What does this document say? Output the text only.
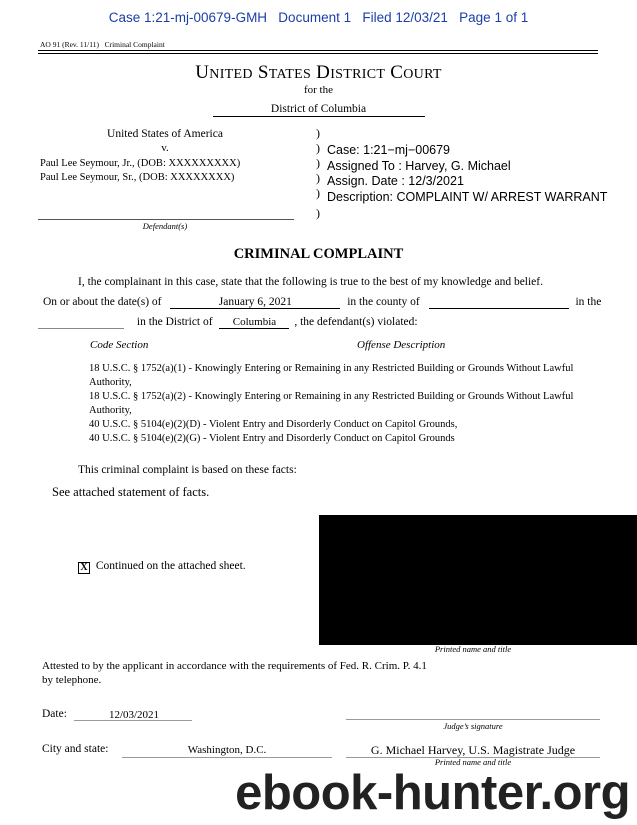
Case 1:21-mj-00679-GMH   Document 1   Filed 12/03/21   Page 1 of 1
AO 91 (Rev. 11/11)   Criminal Complaint
UNITED STATES DISTRICT COURT
for the
District of Columbia
United States of America
v.
Paul Lee Seymour, Jr., (DOB: XXXXXXXXX)
Paul Lee Seymour, Sr., (DOB: XXXXXXXX)
Defendant(s)
)
)
)
)
)
)
Case: 1:21−mj−00679
Assigned To : Harvey, G. Michael
Assign. Date : 12/3/2021
Description: COMPLAINT W/ ARREST WARRANT
CRIMINAL COMPLAINT
I, the complainant in this case, state that the following is true to the best of my knowledge and belief.
On or about the date(s) of	January 6, 2021	in the county of	in the
in the District of Columbia , the defendant(s) violated:
Code Section	Offense Description
18 U.S.C. § 1752(a)(1) - Knowingly Entering or Remaining in any Restricted Building or Grounds Without Lawful
Authority,
18 U.S.C. § 1752(a)(2) - Knowingly Entering or Remaining in any Restricted Building or Grounds Without Lawful
Authority,
40 U.S.C. § 5104(e)(2)(D) - Violent Entry and Disorderly Conduct on Capitol Grounds,
40 U.S.C. § 5104(e)(2)(G) - Violent Entry and Disorderly Conduct on Capitol Grounds
This criminal complaint is based on these facts:
See attached statement of facts.
X Continued on the attached sheet.
Printed name and title
Attested to by the applicant in accordance with the requirements of Fed. R. Crim. P. 4.1
by telephone.
Date:	12/03/2021
Judge’s signature
City and state:	Washington, D.C.	G. Michael Harvey, U.S. Magistrate Judge
Printed name and title
ebook-hunter.org
